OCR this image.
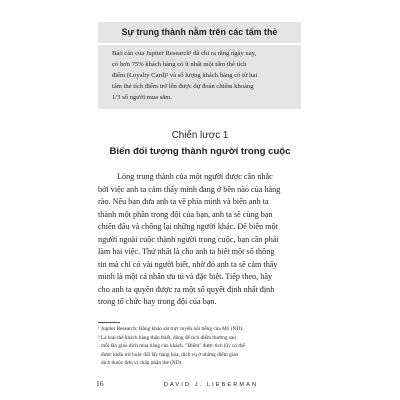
Sự trung thành nằm trên các tấm thẻ
Báo cáo của Jupiter Research¹ đã chỉ ra rằng ngày nay,
có hơn 75% khách hàng có ít nhất một tấm thẻ tích
điểm (Loyalty Card)² và số lượng khách hàng có từ hai
tấm thẻ tích điểm trở lên được dự đoán chiếm khoảng
1/3 số người mua sắm.
Chiến lược 1
Biến đối tượng thành người trong cuộc
Lòng trung thành của một người được cân nhắc
bởi việc anh ta cảm thấy mình đang ở bên nào của hàng
rào. Nếu bạn đưa anh ta về phía mình và biến anh ta
thành một phần trong đội của bạn, anh ta sẽ cùng bạn
chiến đấu và chống lại những người khác. Để biến một
người ngoài cuộc thành người trong cuộc, bạn cần phải
làm hai việc. Thứ nhất là cho anh ta biết một số thông
tin mà chỉ có vài người biết, nhờ đó anh ta sẽ cảm thấy
mình là một cá nhân ưu tú và đặc biệt. Tiếp theo, hãy
cho anh ta quyền được ra một số quyết định nhất định
trong tổ chức hay trong đội của bạn.
¹ Jupiter Research: Hãng khảo sát trực tuyến nổi tiếng của Mỹ (ND).
² Là loại thẻ khách hàng thân thiết, dùng để tích điểm thưởng sau
mỗi lần giao dịch mua hàng của khách. "Điểm" được tích lũy có thể
được khấu trừ hoặc đổi lấy hàng hóa, dịch vụ ở những điểm giao
dịch thuộc đơn vị chấp nhận thẻ (ND).
16	DAVID J. LIEBERMAN
